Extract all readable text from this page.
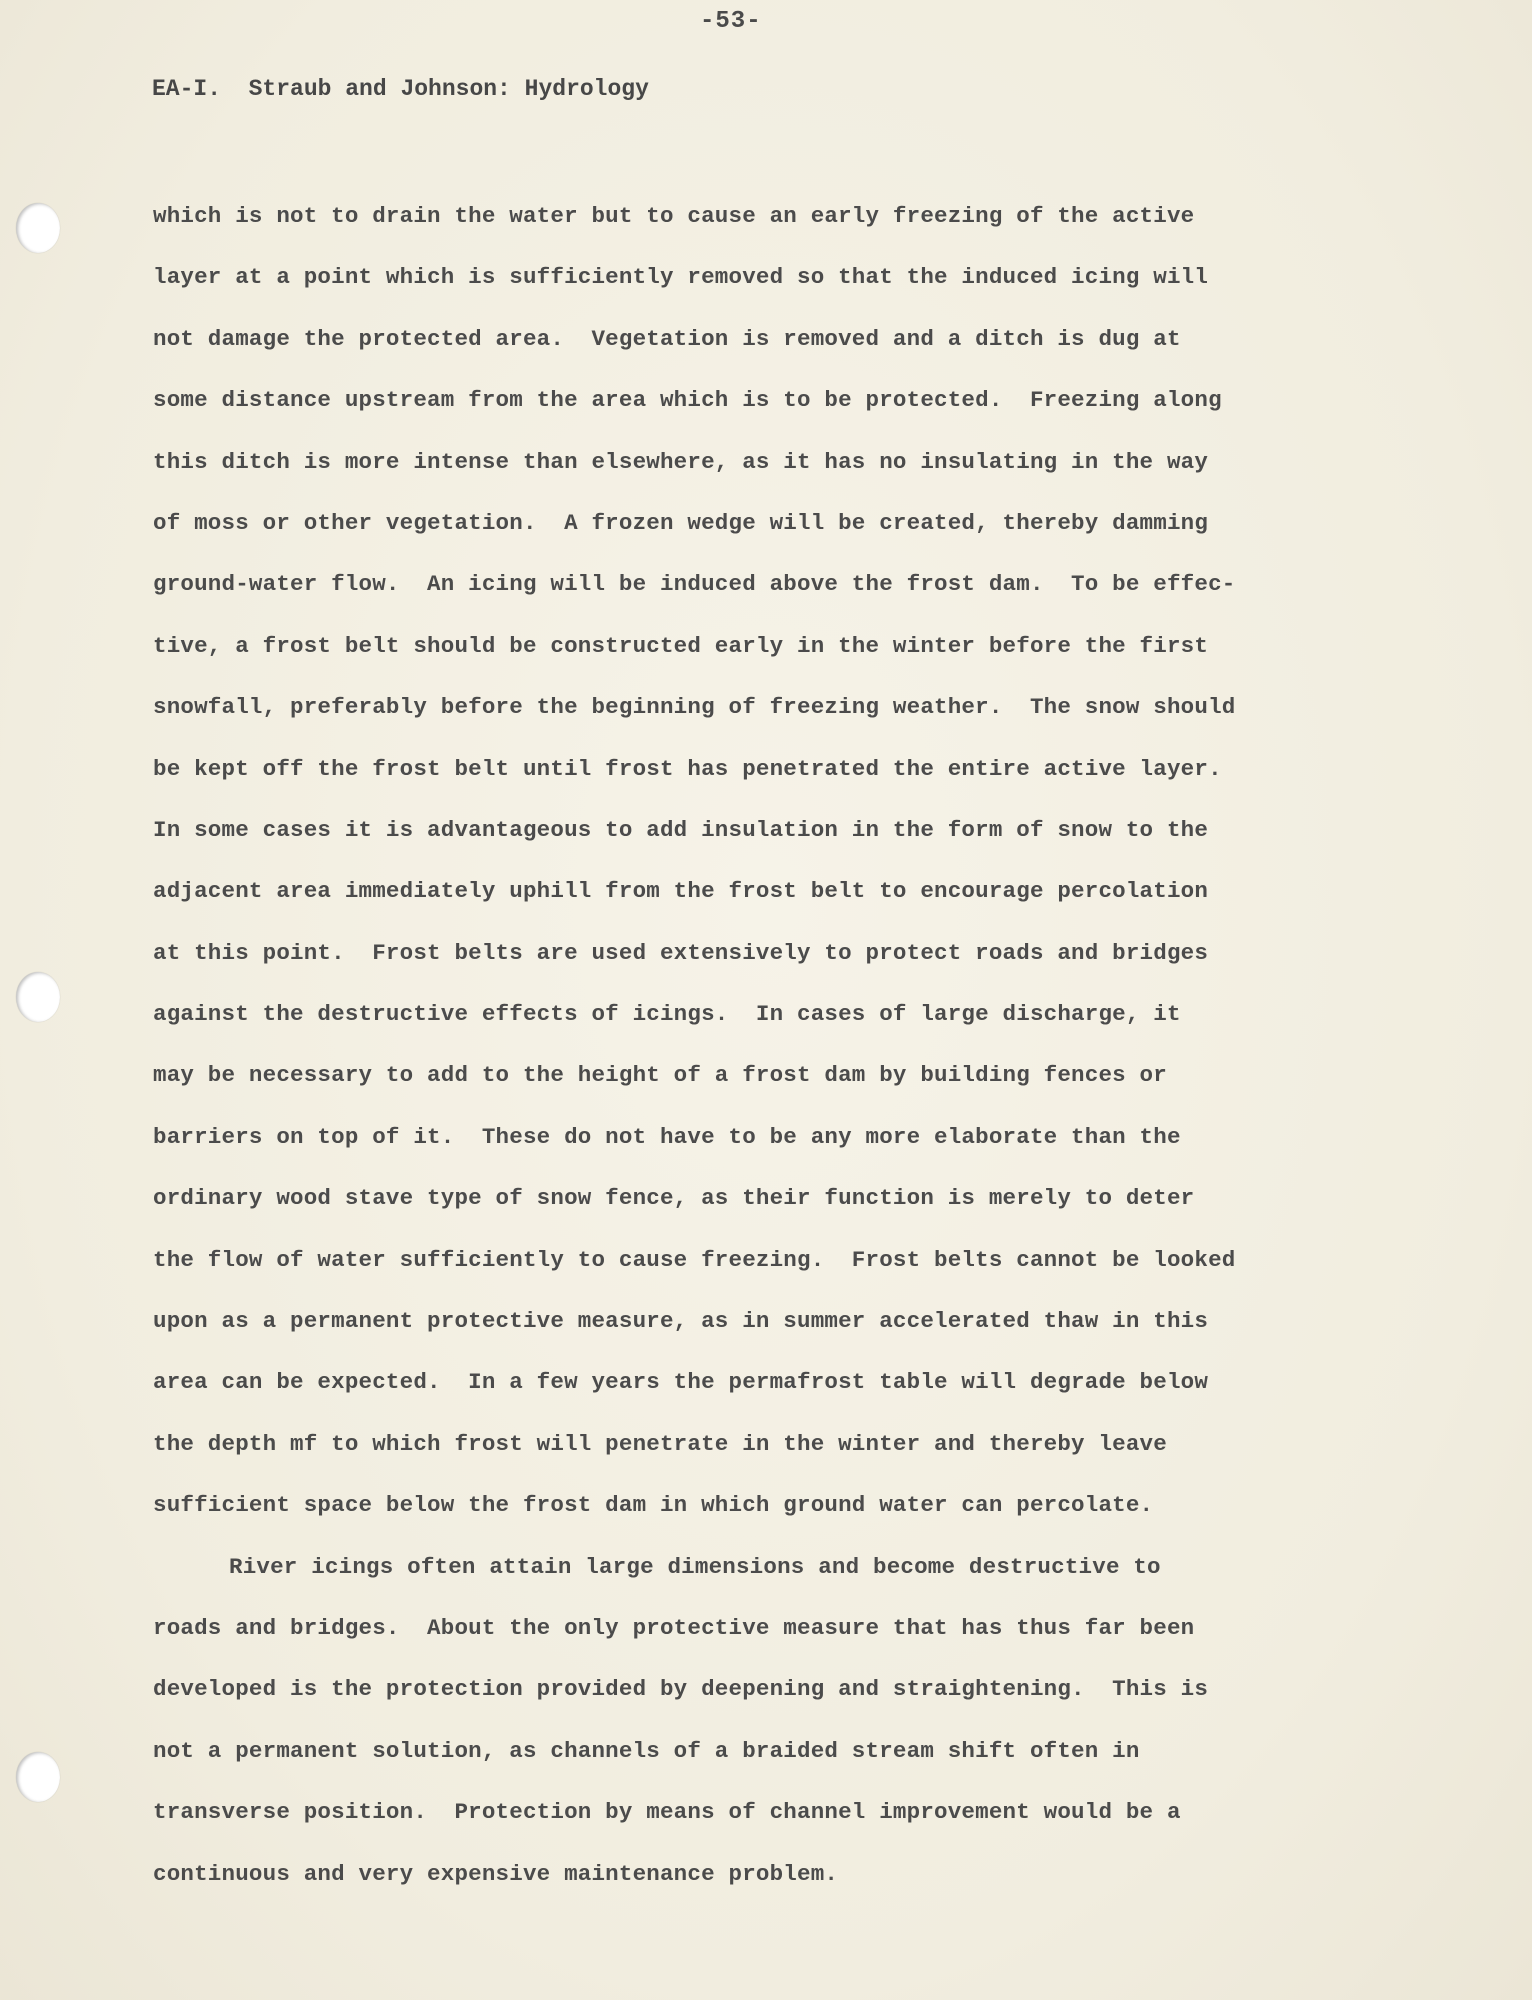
-53-
EA-I.  Straub and Johnson: Hydrology
which is not to drain the water but to cause an early freezing of the active
layer at a point which is sufficiently removed so that the induced icing will
not damage the protected area.  Vegetation is removed and a ditch is dug at
some distance upstream from the area which is to be protected.  Freezing along
this ditch is more intense than elsewhere, as it has no insulating in the way
of moss or other vegetation.  A frozen wedge will be created, thereby damming
ground-water flow.  An icing will be induced above the frost dam.  To be effec-
tive, a frost belt should be constructed early in the winter before the first
snowfall, preferably before the beginning of freezing weather.  The snow should
be kept off the frost belt until frost has penetrated the entire active layer.
In some cases it is advantageous to add insulation in the form of snow to the
adjacent area immediately uphill from the frost belt to encourage percolation
at this point.  Frost belts are used extensively to protect roads and bridges
against the destructive effects of icings.  In cases of large discharge, it
may be necessary to add to the height of a frost dam by building fences or
barriers on top of it.  These do not have to be any more elaborate than the
ordinary wood stave type of snow fence, as their function is merely to deter
the flow of water sufficiently to cause freezing.  Frost belts cannot be looked
upon as a permanent protective measure, as in summer accelerated thaw in this
area can be expected.  In a few years the permafrost table will degrade below
the depth mf to which frost will penetrate in the winter and thereby leave
sufficient space below the frost dam in which ground water can percolate.
River icings often attain large dimensions and become destructive to
roads and bridges.  About the only protective measure that has thus far been
developed is the protection provided by deepening and straightening.  This is
not a permanent solution, as channels of a braided stream shift often in
transverse position.  Protection by means of channel improvement would be a
continuous and very expensive maintenance problem.
